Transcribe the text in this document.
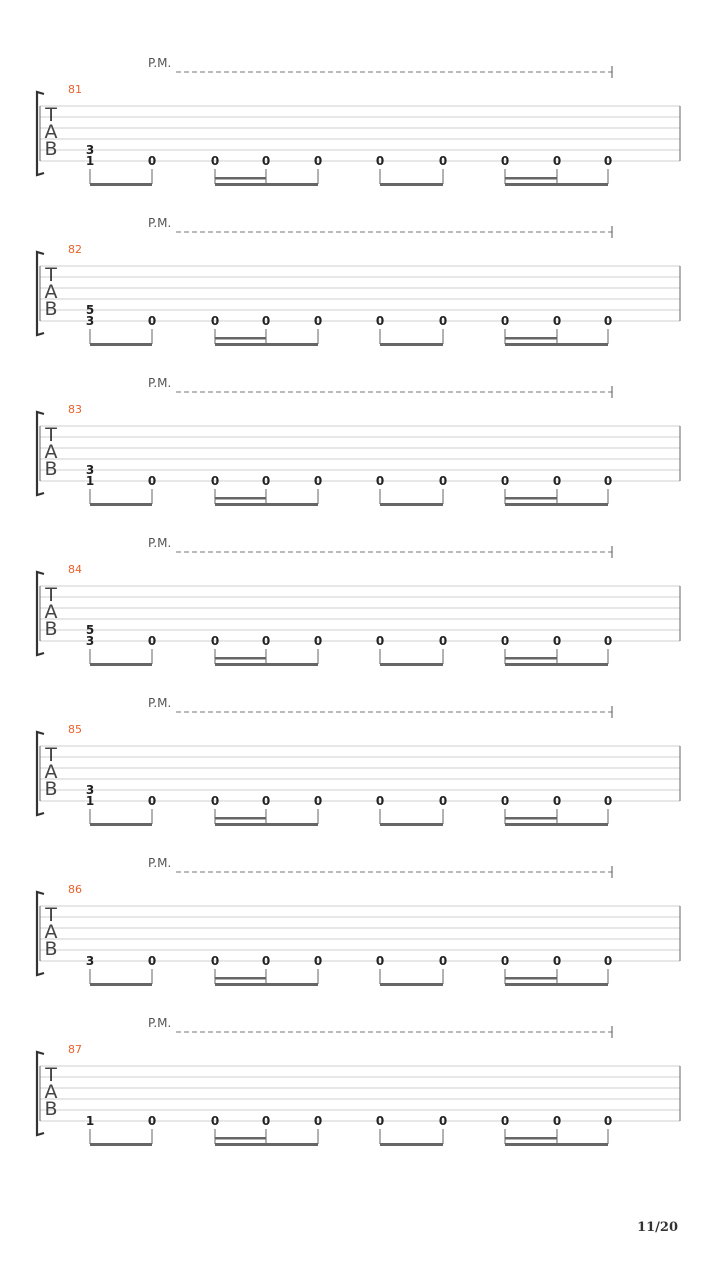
P.M.
81
T
A
B 3
1	0	0	0	0	0	0	0	0	0
P.M.
82
T
A
B 5
3	0	0	0	0	0	0	0	0	0
P.M.
83
T
A
B 3
1	0	0	0	0	0	0	0	0	0
P.M.
84
T
A
B 5
3	0	0	0	0	0	0	0	0	0
P.M.
85
T
A
B 3
1	0	0	0	0	0	0	0	0	0
P.M.
86
T
A
B
3	0	0	0	0	0	0	0	0	0
P.M.
87
T
A
B
1	0	0	0	0	0	0	0	0	0
11/20
